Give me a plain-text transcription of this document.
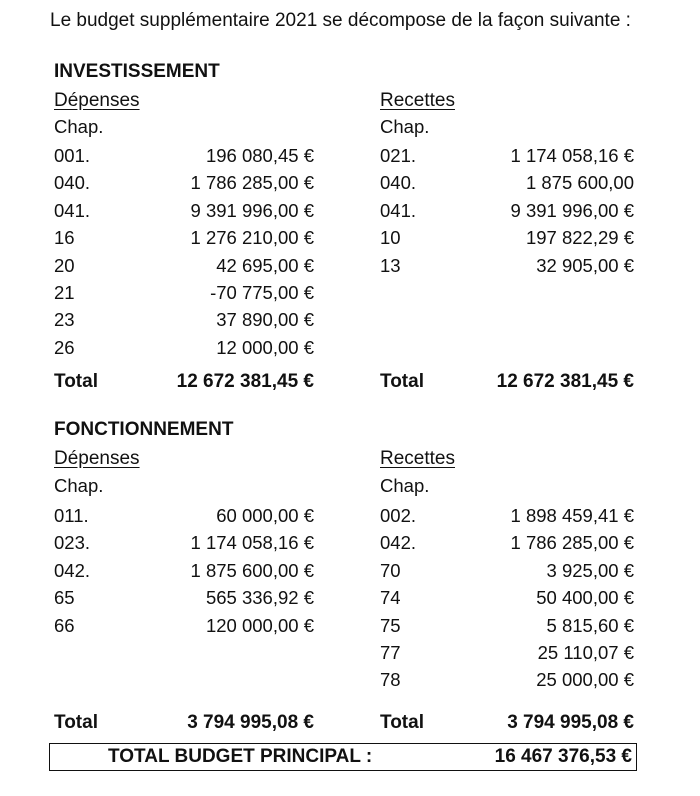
Le budget supplémentaire 2021 se décompose de la façon suivante :
INVESTISSEMENT
Dépenses
Chap.
001.	196 080,45 €
040.	1 786 285,00 €
041.	9 391 996,00 €
16	1 276 210,00 €
20	42 695,00 €
21	-70 775,00 €
23	37 890,00 €
26	12 000,00 €
Total	12 672 381,45 €
Recettes
Chap.
021.	1 174 058,16 €
040.	1 875 600,00
041.	9 391 996,00 €
10	197 822,29 €
13	32 905,00 €
Total	12 672 381,45 €
FONCTIONNEMENT
Dépenses
Chap.
011.	60 000,00 €
023.	1 174 058,16 €
042.	1 875 600,00 €
65	565 336,92 €
66	120 000,00 €
Total	3 794 995,08 €
Recettes
Chap.
002.	1 898 459,41 €
042.	1 786 285,00 €
70	3 925,00 €
74	50 400,00 €
75	5 815,60 €
77	25 110,07 €
78	25 000,00 €
Total	3 794 995,08 €
TOTAL BUDGET PRINCIPAL :	16 467 376,53 €
